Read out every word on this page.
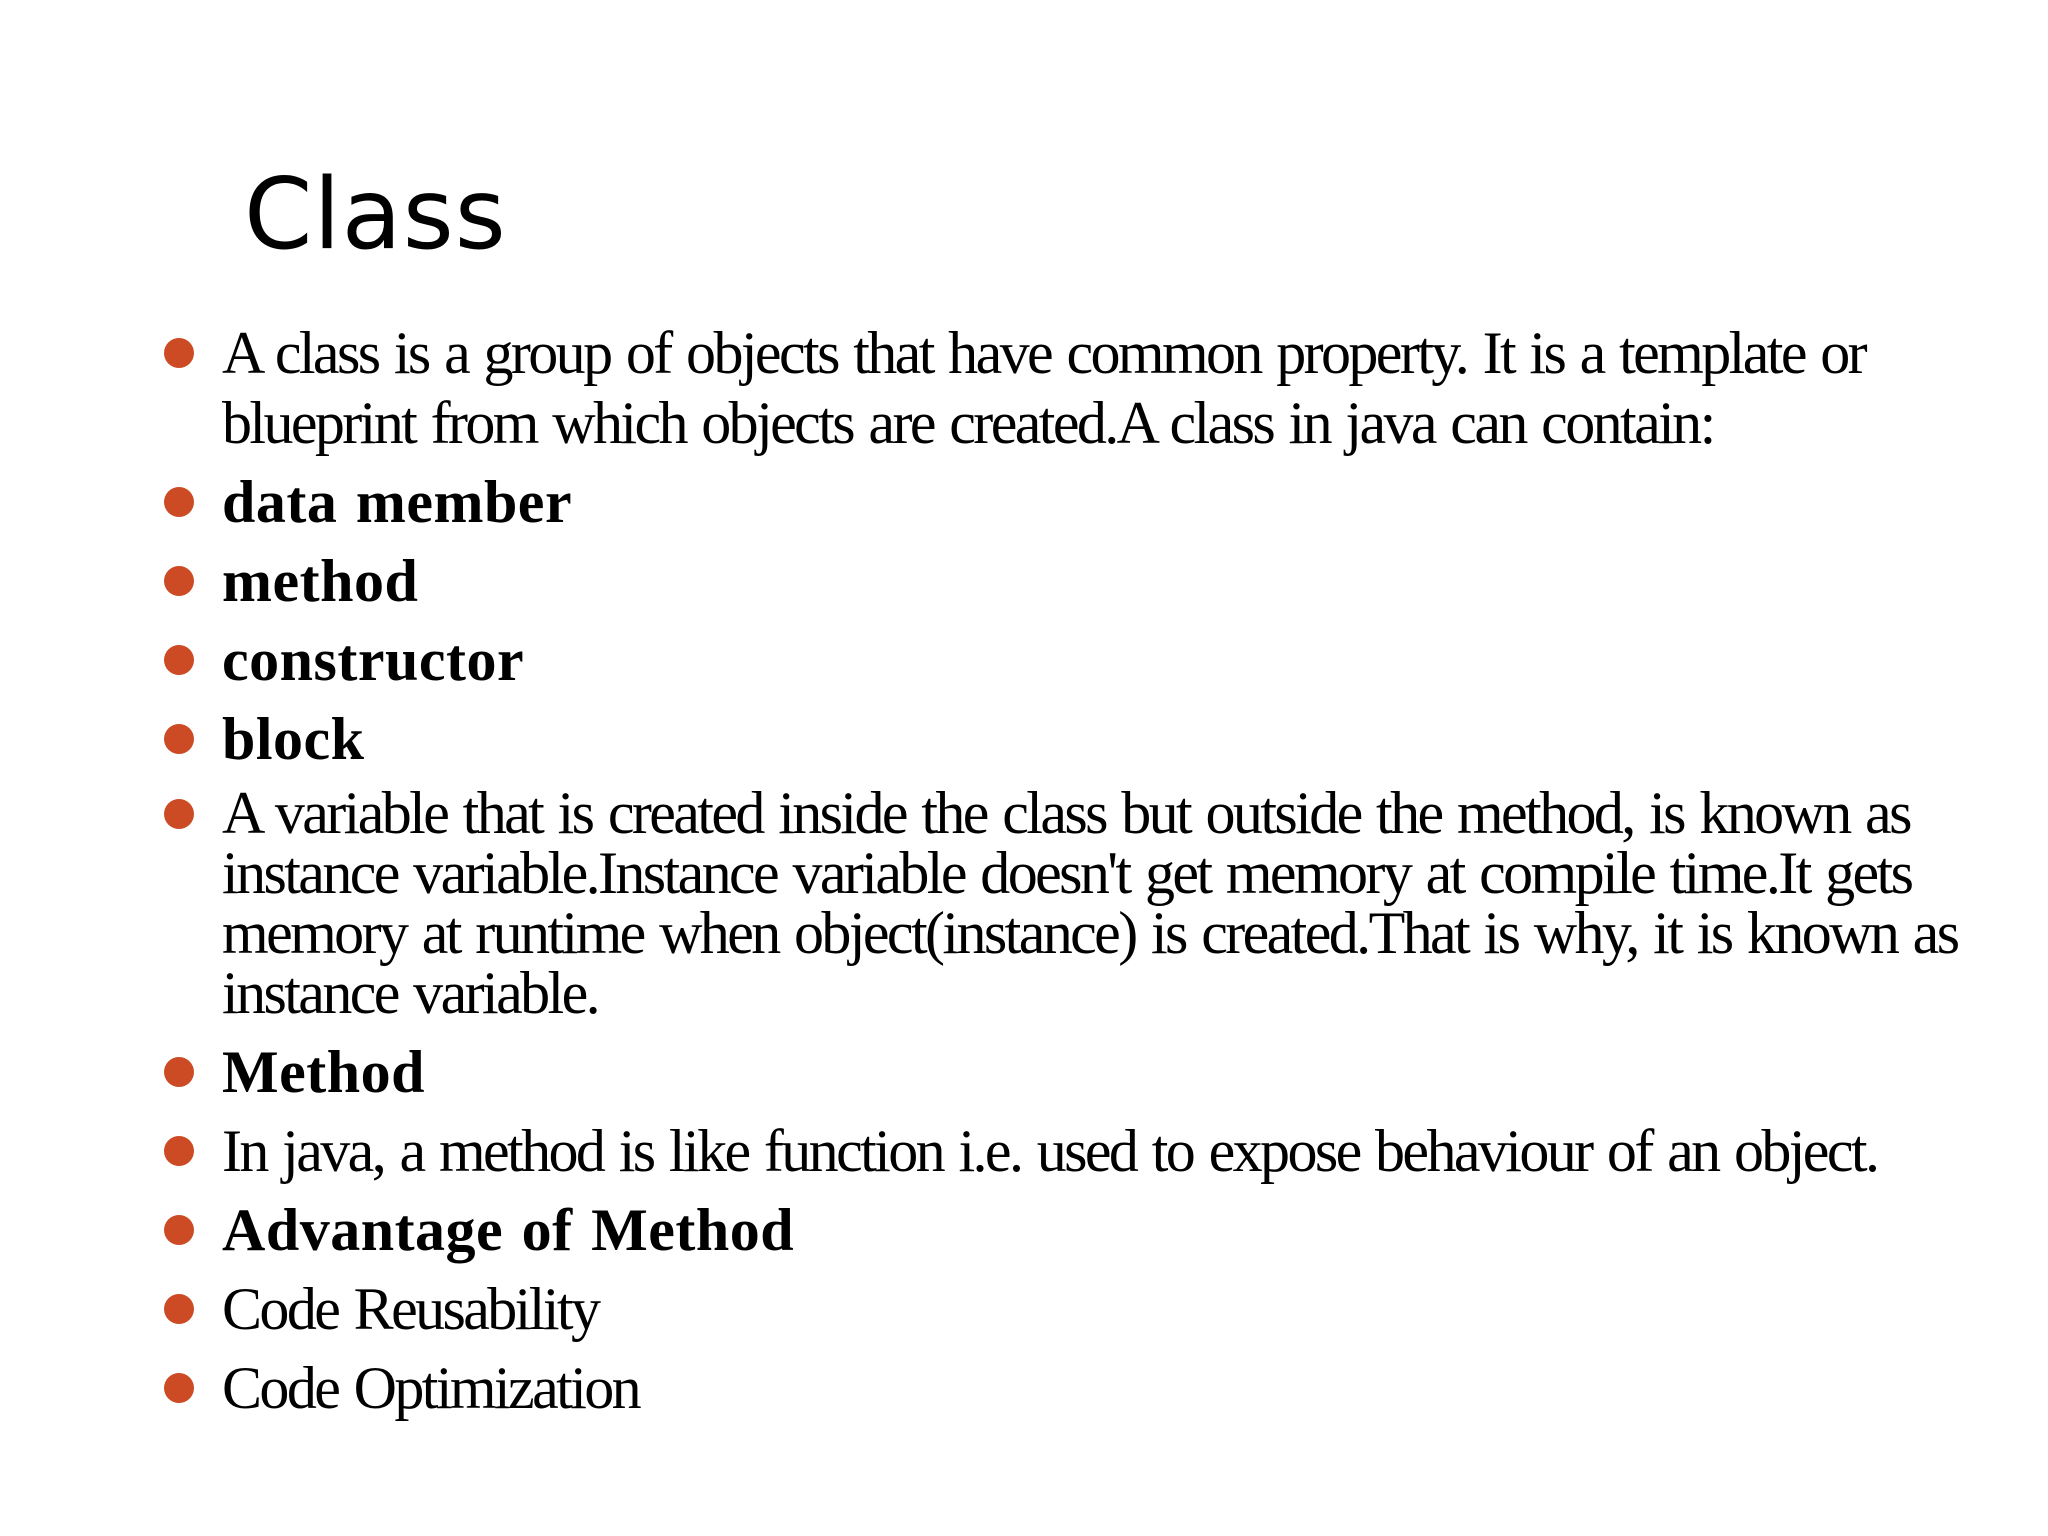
Class
A class is a group of objects that have common property. It is a template or blueprint from which objects are created.A class in java can contain:
data member
method
constructor
block
A variable that is created inside the class but outside the method, is known as instance variable.Instance variable doesn't get memory at compile time.It gets memory at runtime when object(instance) is created.That is why, it is known as instance variable.
Method
In java, a method is like function i.e. used to expose behaviour of an object.
Advantage of Method
Code Reusability
Code Optimization
